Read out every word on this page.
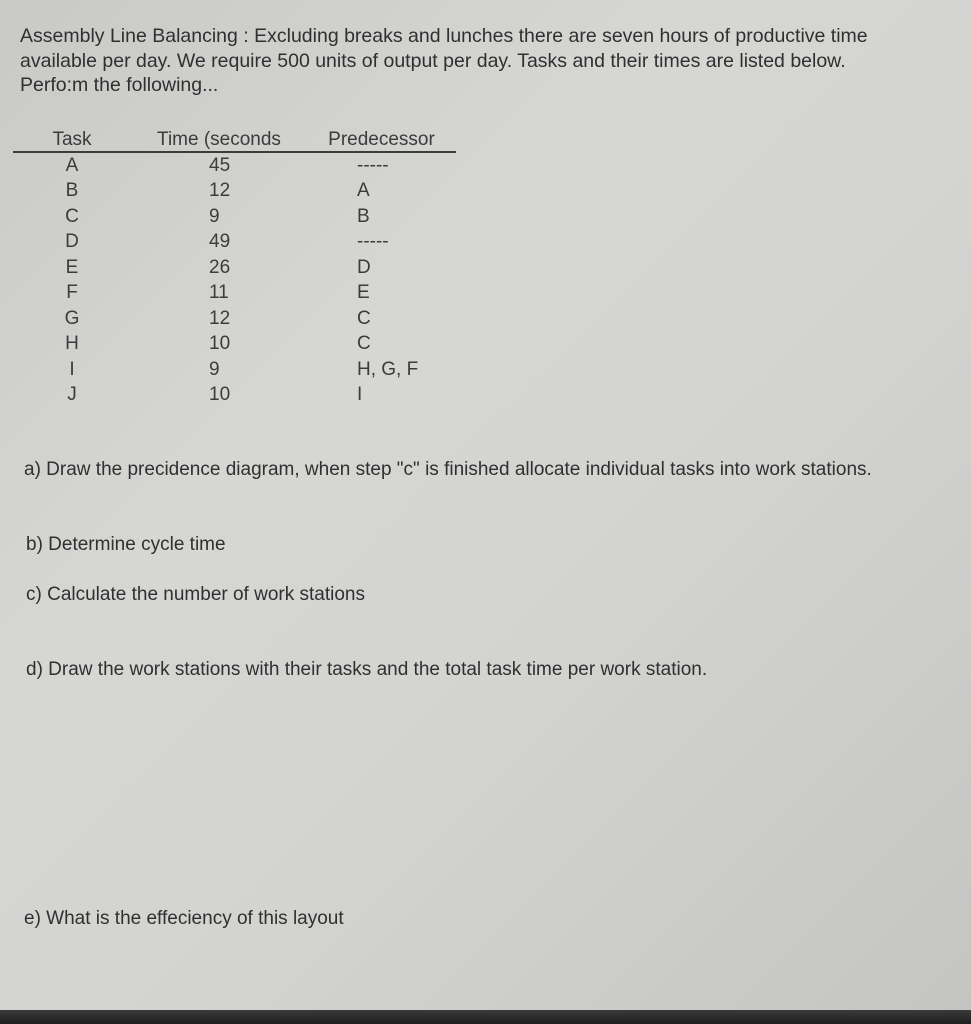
Assembly Line Balancing : Excluding breaks and lunches there are seven hours of productive time
available per day. We require 500 units of output per day. Tasks and their times are listed below.
Perfo:m the following...

Task	Time (seconds	Predecessor
A	45	-----
B	12	A
C	9	B
D	49	-----
E	26	D
F	11	E
G	12	C
H	10	C
I	9	H, G, F
J	10	I

a) Draw the precidence diagram, when step "c" is finished allocate individual tasks into work stations.

b) Determine cycle time

c) Calculate the number of work stations

d) Draw the work stations with their tasks and the total task time per work station.

e) What is the effeciency of this layout
